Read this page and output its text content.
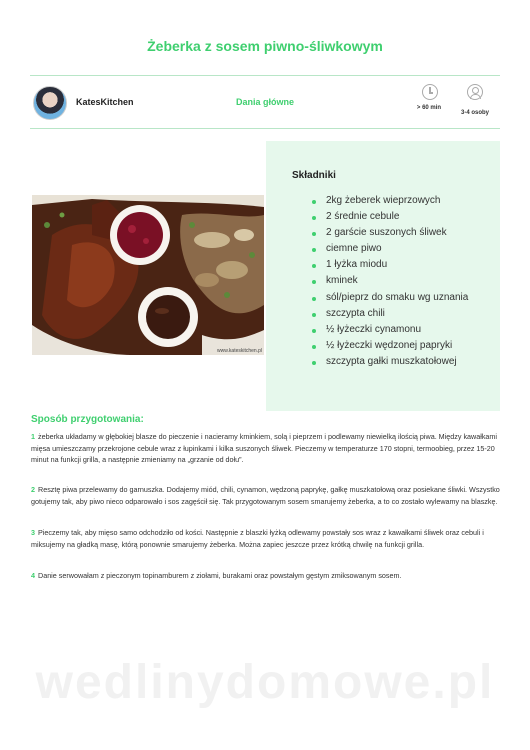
Żeberka z sosem piwno-śliwkowym
KatesKitchen	Dania główne
> 60 min
3-4 osoby
www.kateskitchen.pl
Składniki
2kg żeberek wieprzowych
2 średnie cebule
2 garście suszonych śliwek
ciemne piwo
1 łyżka miodu
kminek
sól/pieprz do smaku wg uznania
szczypta chili
½ łyżeczki cynamonu
½ łyżeczki wędzonej papryki
szczypta gałki muszkatołowej
Sposób przygotowania:

1 żeberka układamy w głębokiej blasze do pieczenie i nacieramy kminkiem, solą i pieprzem i podlewamy niewielką ilością piwa. Między kawałkami mięsa umieszczamy przekrojone cebule wraz z łupinkami i kilka suszonych śliwek. Pieczemy w temperaturze 170 stopni, termoobieg, przez 15-20 minut na funkcji grilla, a następnie zmieniamy na „grzanie od dołu”.

2 Resztę piwa przelewamy do garnuszka. Dodajemy miód, chili, cynamon, wędzoną paprykę, gałkę muszkatołową oraz posiekane śliwki. Wszystko gotujemy tak, aby piwo nieco odparowało i sos zagęścił się. Tak przygotowanym sosem smarujemy żeberka, a to co zostało wylewamy na blaszkę.

3 Pieczemy tak, aby mięso samo odchodziło od kości. Następnie z blaszki łyżką odlewamy powstały sos wraz z kawałkami śliwek oraz cebuli i miksujemy na gładką masę, którą ponownie smarujemy żeberka. Można zapiec jeszcze przez krótką chwilę na funkcji grilla.

4 Danie serwowałam z pieczonym topinamburem z ziołami, burakami oraz powstałym gęstym zmiksowanym sosem.

wedlinydomowe.pl
